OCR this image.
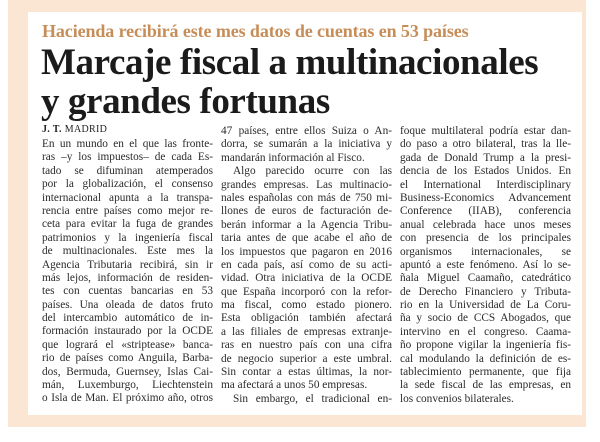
Hacienda recibirá este mes datos de cuentas en 53 países
Marcaje fiscal a multinacionales
y grandes fortunas
J. T. MADRID
En un mundo en el que las fronte-
ras –y los impuestos– de cada Es-
tado se difuminan atemperados
por la globalización, el consenso
internacional apunta a la transpa-
rencia entre países como mejor re-
ceta para evitar la fuga de grandes
patrimonios y la ingeniería fiscal
de multinacionales. Este mes la
Agencia Tributaria recibirá, sin ir
más lejos, información de residen-
tes con cuentas bancarias en 53
países. Una oleada de datos fruto
del intercambio automático de in-
formación instaurado por la OCDE
que logrará el «striptease» banca-
rio de países como Anguila, Barba-
dos, Bermuda, Guernsey, Islas Cai-
mán, Luxemburgo, Liechtenstein
o Isla de Man. El próximo año, otros
47 países, entre ellos Suiza o An-
dorra, se sumarán a la iniciativa y
mandarán información al Fisco.
Algo parecido ocurre con las
grandes empresas. Las multinacio-
nales españolas con más de 750 mi-
llones de euros de facturación de-
berán informar a la Agencia Tribu-
taria antes de que acabe el año de
los impuestos que pagaron en 2016
en cada país, así como de su acti-
vidad. Otra iniciativa de la OCDE
que España incorporó con la refor-
ma fiscal, como estado pionero.
Esta obligación también afectará
a las filiales de empresas extranje-
ras en nuestro país con una cifra
de negocio superior a este umbral.
Sin contar a estas últimas, la nor-
ma afectará a unos 50 empresas.
Sin embargo, el tradicional en-
foque multilateral podría estar dan-
do paso a otro bilateral, tras la lle-
gada de Donald Trump a la presi-
dencia de los Estados Unidos. En
el International Interdisciplinary
Business-Economics Advancement
Conference (IIAB), conferencia
anual celebrada hace unos meses
con presencia de los principales
organismos internacionales, se
apuntó a este fenómeno. Así lo se-
ñala Miguel Caamaño, catedrático
de Derecho Financiero y Tributa-
rio en la Universidad de La Coru-
ña y socio de CCS Abogados, que
intervino en el congreso. Caama-
ño propone vigilar la ingeniería fis-
cal modulando la definición de es-
tablecimiento permanente, que fija
la sede fiscal de las empresas, en
los convenios bilaterales.
